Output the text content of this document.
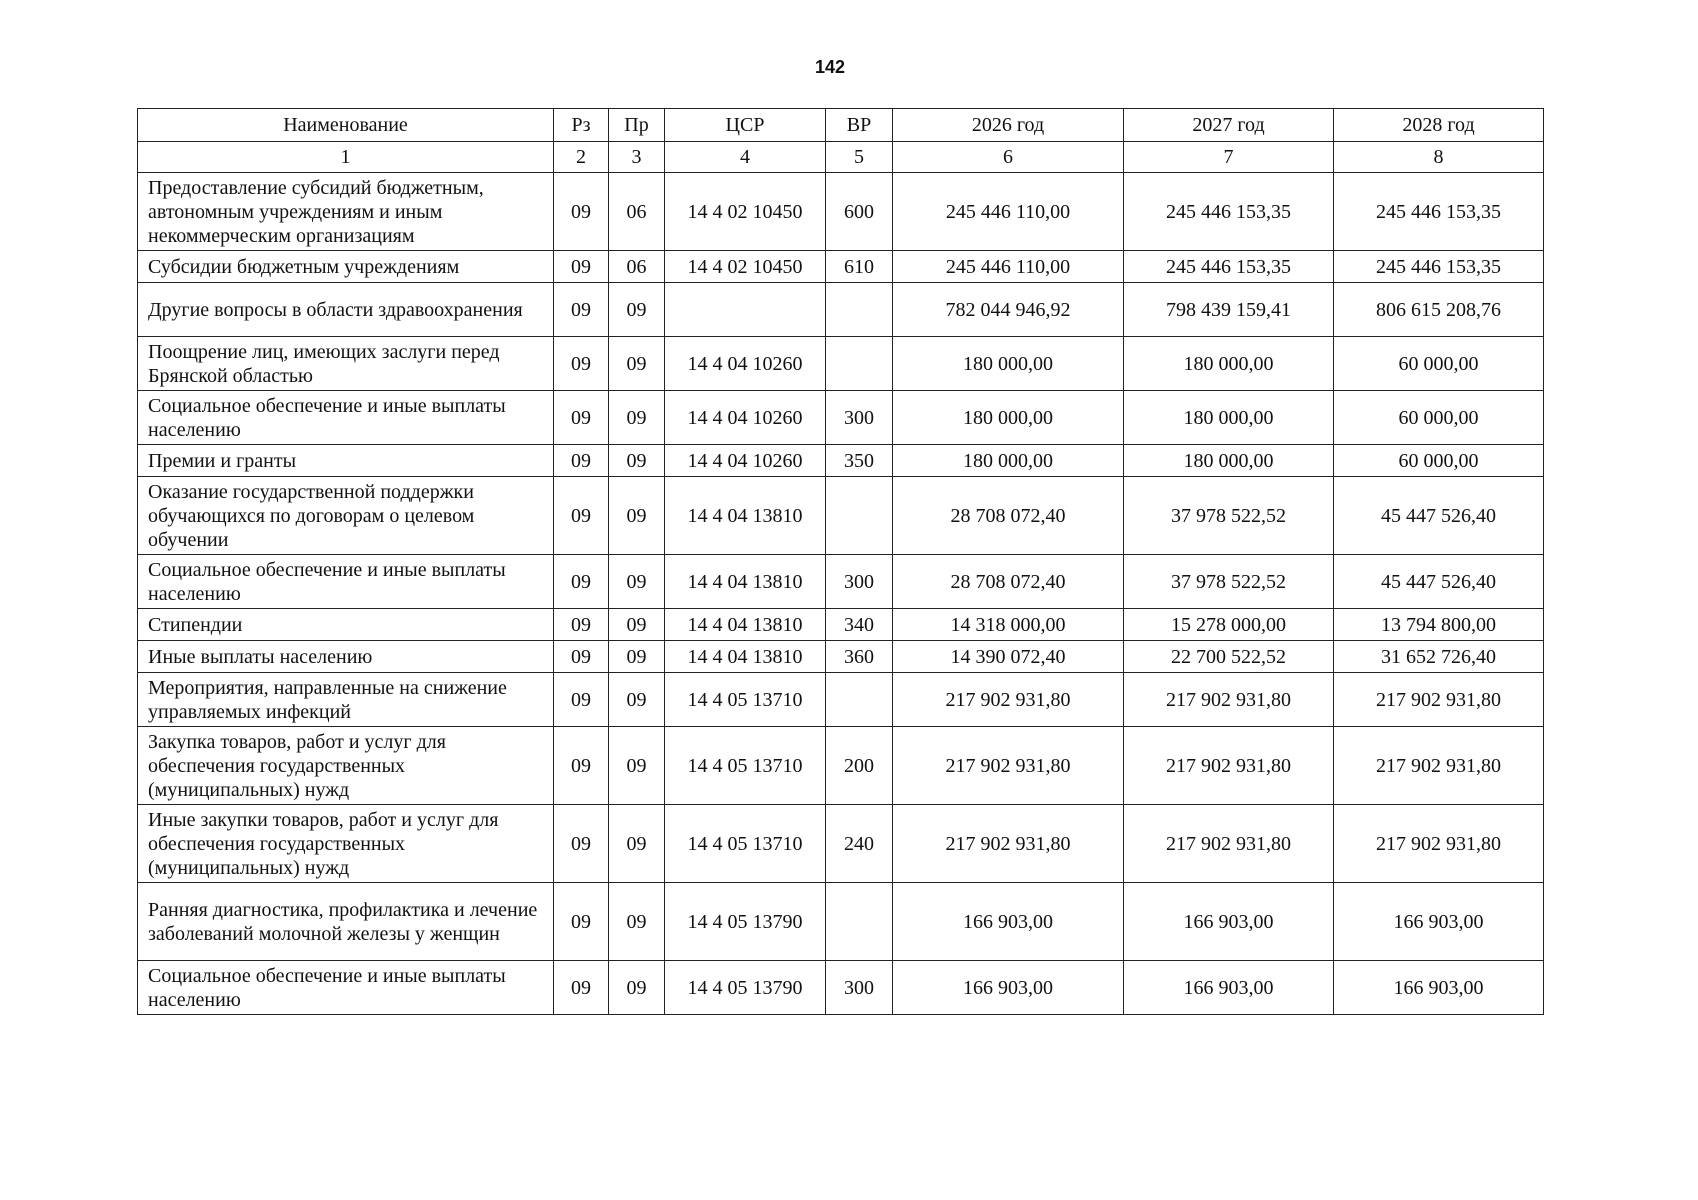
142
Наименование	Рз	Пр	ЦСР	ВР	2026 год	2027 год	2028 год
1	2	3	4	5	6	7	8
Предоставление субсидий бюджетным, автономным учреждениям и иным некоммерческим организациям	09	06	14 4 02 10450	600	245 446 110,00	245 446 153,35	245 446 153,35
Субсидии бюджетным учреждениям	09	06	14 4 02 10450	610	245 446 110,00	245 446 153,35	245 446 153,35
Другие вопросы в области здравоохранения	09	09			782 044 946,92	798 439 159,41	806 615 208,76
Поощрение лиц, имеющих заслуги перед Брянской областью	09	09	14 4 04 10260		180 000,00	180 000,00	60 000,00
Социальное обеспечение и иные выплаты населению	09	09	14 4 04 10260	300	180 000,00	180 000,00	60 000,00
Премии и гранты	09	09	14 4 04 10260	350	180 000,00	180 000,00	60 000,00
Оказание государственной поддержки обучающихся по договорам о целевом обучении	09	09	14 4 04 13810		28 708 072,40	37 978 522,52	45 447 526,40
Социальное обеспечение и иные выплаты населению	09	09	14 4 04 13810	300	28 708 072,40	37 978 522,52	45 447 526,40
Стипендии	09	09	14 4 04 13810	340	14 318 000,00	15 278 000,00	13 794 800,00
Иные выплаты населению	09	09	14 4 04 13810	360	14 390 072,40	22 700 522,52	31 652 726,40
Мероприятия, направленные на снижение управляемых инфекций	09	09	14 4 05 13710		217 902 931,80	217 902 931,80	217 902 931,80
Закупка товаров, работ и услуг для обеспечения государственных (муниципальных) нужд	09	09	14 4 05 13710	200	217 902 931,80	217 902 931,80	217 902 931,80
Иные закупки товаров, работ и услуг для обеспечения государственных (муниципальных) нужд	09	09	14 4 05 13710	240	217 902 931,80	217 902 931,80	217 902 931,80
Ранняя диагностика, профилактика и лечение заболеваний молочной железы у женщин	09	09	14 4 05 13790		166 903,00	166 903,00	166 903,00
Социальное обеспечение и иные выплаты населению	09	09	14 4 05 13790	300	166 903,00	166 903,00	166 903,00
